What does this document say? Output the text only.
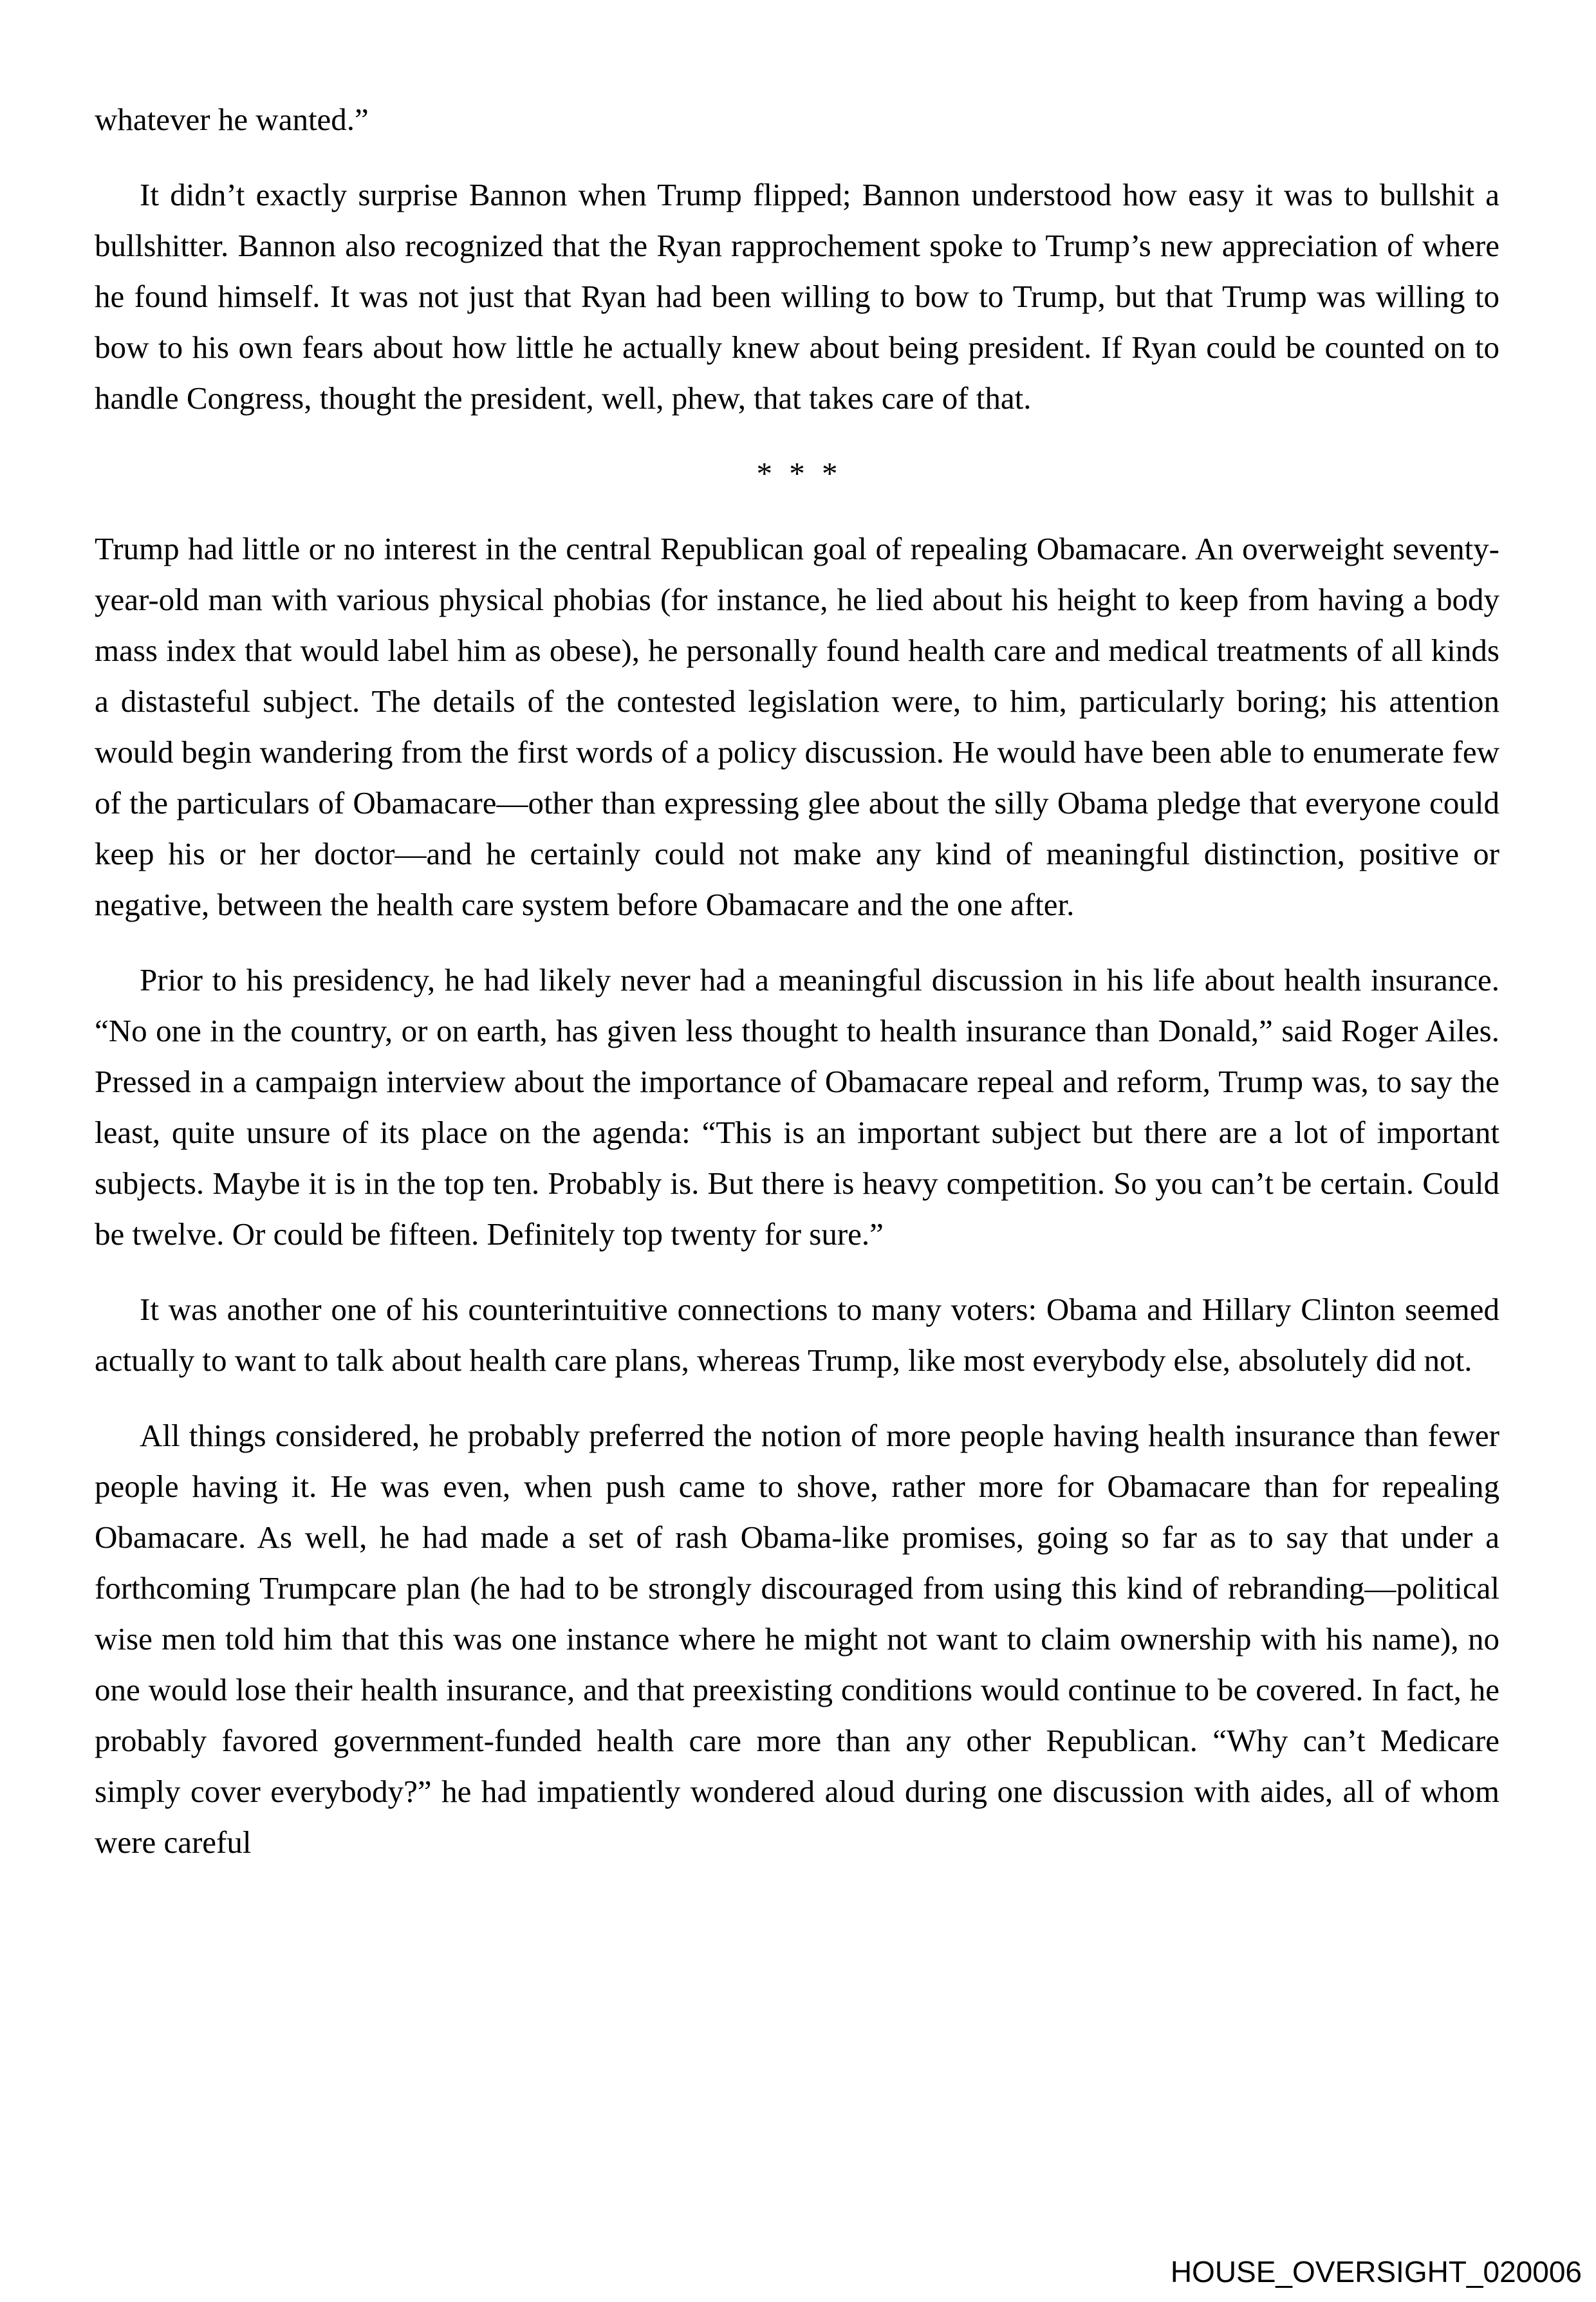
whatever he wanted.”

It didn’t exactly surprise Bannon when Trump flipped; Bannon understood how easy it was to bullshit a bullshitter. Bannon also recognized that the Ryan rapprochement spoke to Trump’s new appreciation of where he found himself. It was not just that Ryan had been willing to bow to Trump, but that Trump was willing to bow to his own fears about how little he actually knew about being president. If Ryan could be counted on to handle Congress, thought the president, well, phew, that takes care of that.

* * *

Trump had little or no interest in the central Republican goal of repealing Obamacare. An overweight seventy-year-old man with various physical phobias (for instance, he lied about his height to keep from having a body mass index that would label him as obese), he personally found health care and medical treatments of all kinds a distasteful subject. The details of the contested legislation were, to him, particularly boring; his attention would begin wandering from the first words of a policy discussion. He would have been able to enumerate few of the particulars of Obamacare—other than expressing glee about the silly Obama pledge that everyone could keep his or her doctor—and he certainly could not make any kind of meaningful distinction, positive or negative, between the health care system before Obamacare and the one after.

Prior to his presidency, he had likely never had a meaningful discussion in his life about health insurance. “No one in the country, or on earth, has given less thought to health insurance than Donald,” said Roger Ailes. Pressed in a campaign interview about the importance of Obamacare repeal and reform, Trump was, to say the least, quite unsure of its place on the agenda: “This is an important subject but there are a lot of important subjects. Maybe it is in the top ten. Probably is. But there is heavy competition. So you can’t be certain. Could be twelve. Or could be fifteen. Definitely top twenty for sure.”

It was another one of his counterintuitive connections to many voters: Obama and Hillary Clinton seemed actually to want to talk about health care plans, whereas Trump, like most everybody else, absolutely did not.

All things considered, he probably preferred the notion of more people having health insurance than fewer people having it. He was even, when push came to shove, rather more for Obamacare than for repealing Obamacare. As well, he had made a set of rash Obama-like promises, going so far as to say that under a forthcoming Trumpcare plan (he had to be strongly discouraged from using this kind of rebranding—political wise men told him that this was one instance where he might not want to claim ownership with his name), no one would lose their health insurance, and that preexisting conditions would continue to be covered. In fact, he probably favored government-funded health care more than any other Republican. “Why can’t Medicare simply cover everybody?” he had impatiently wondered aloud during one discussion with aides, all of whom were careful

HOUSE_OVERSIGHT_020006
